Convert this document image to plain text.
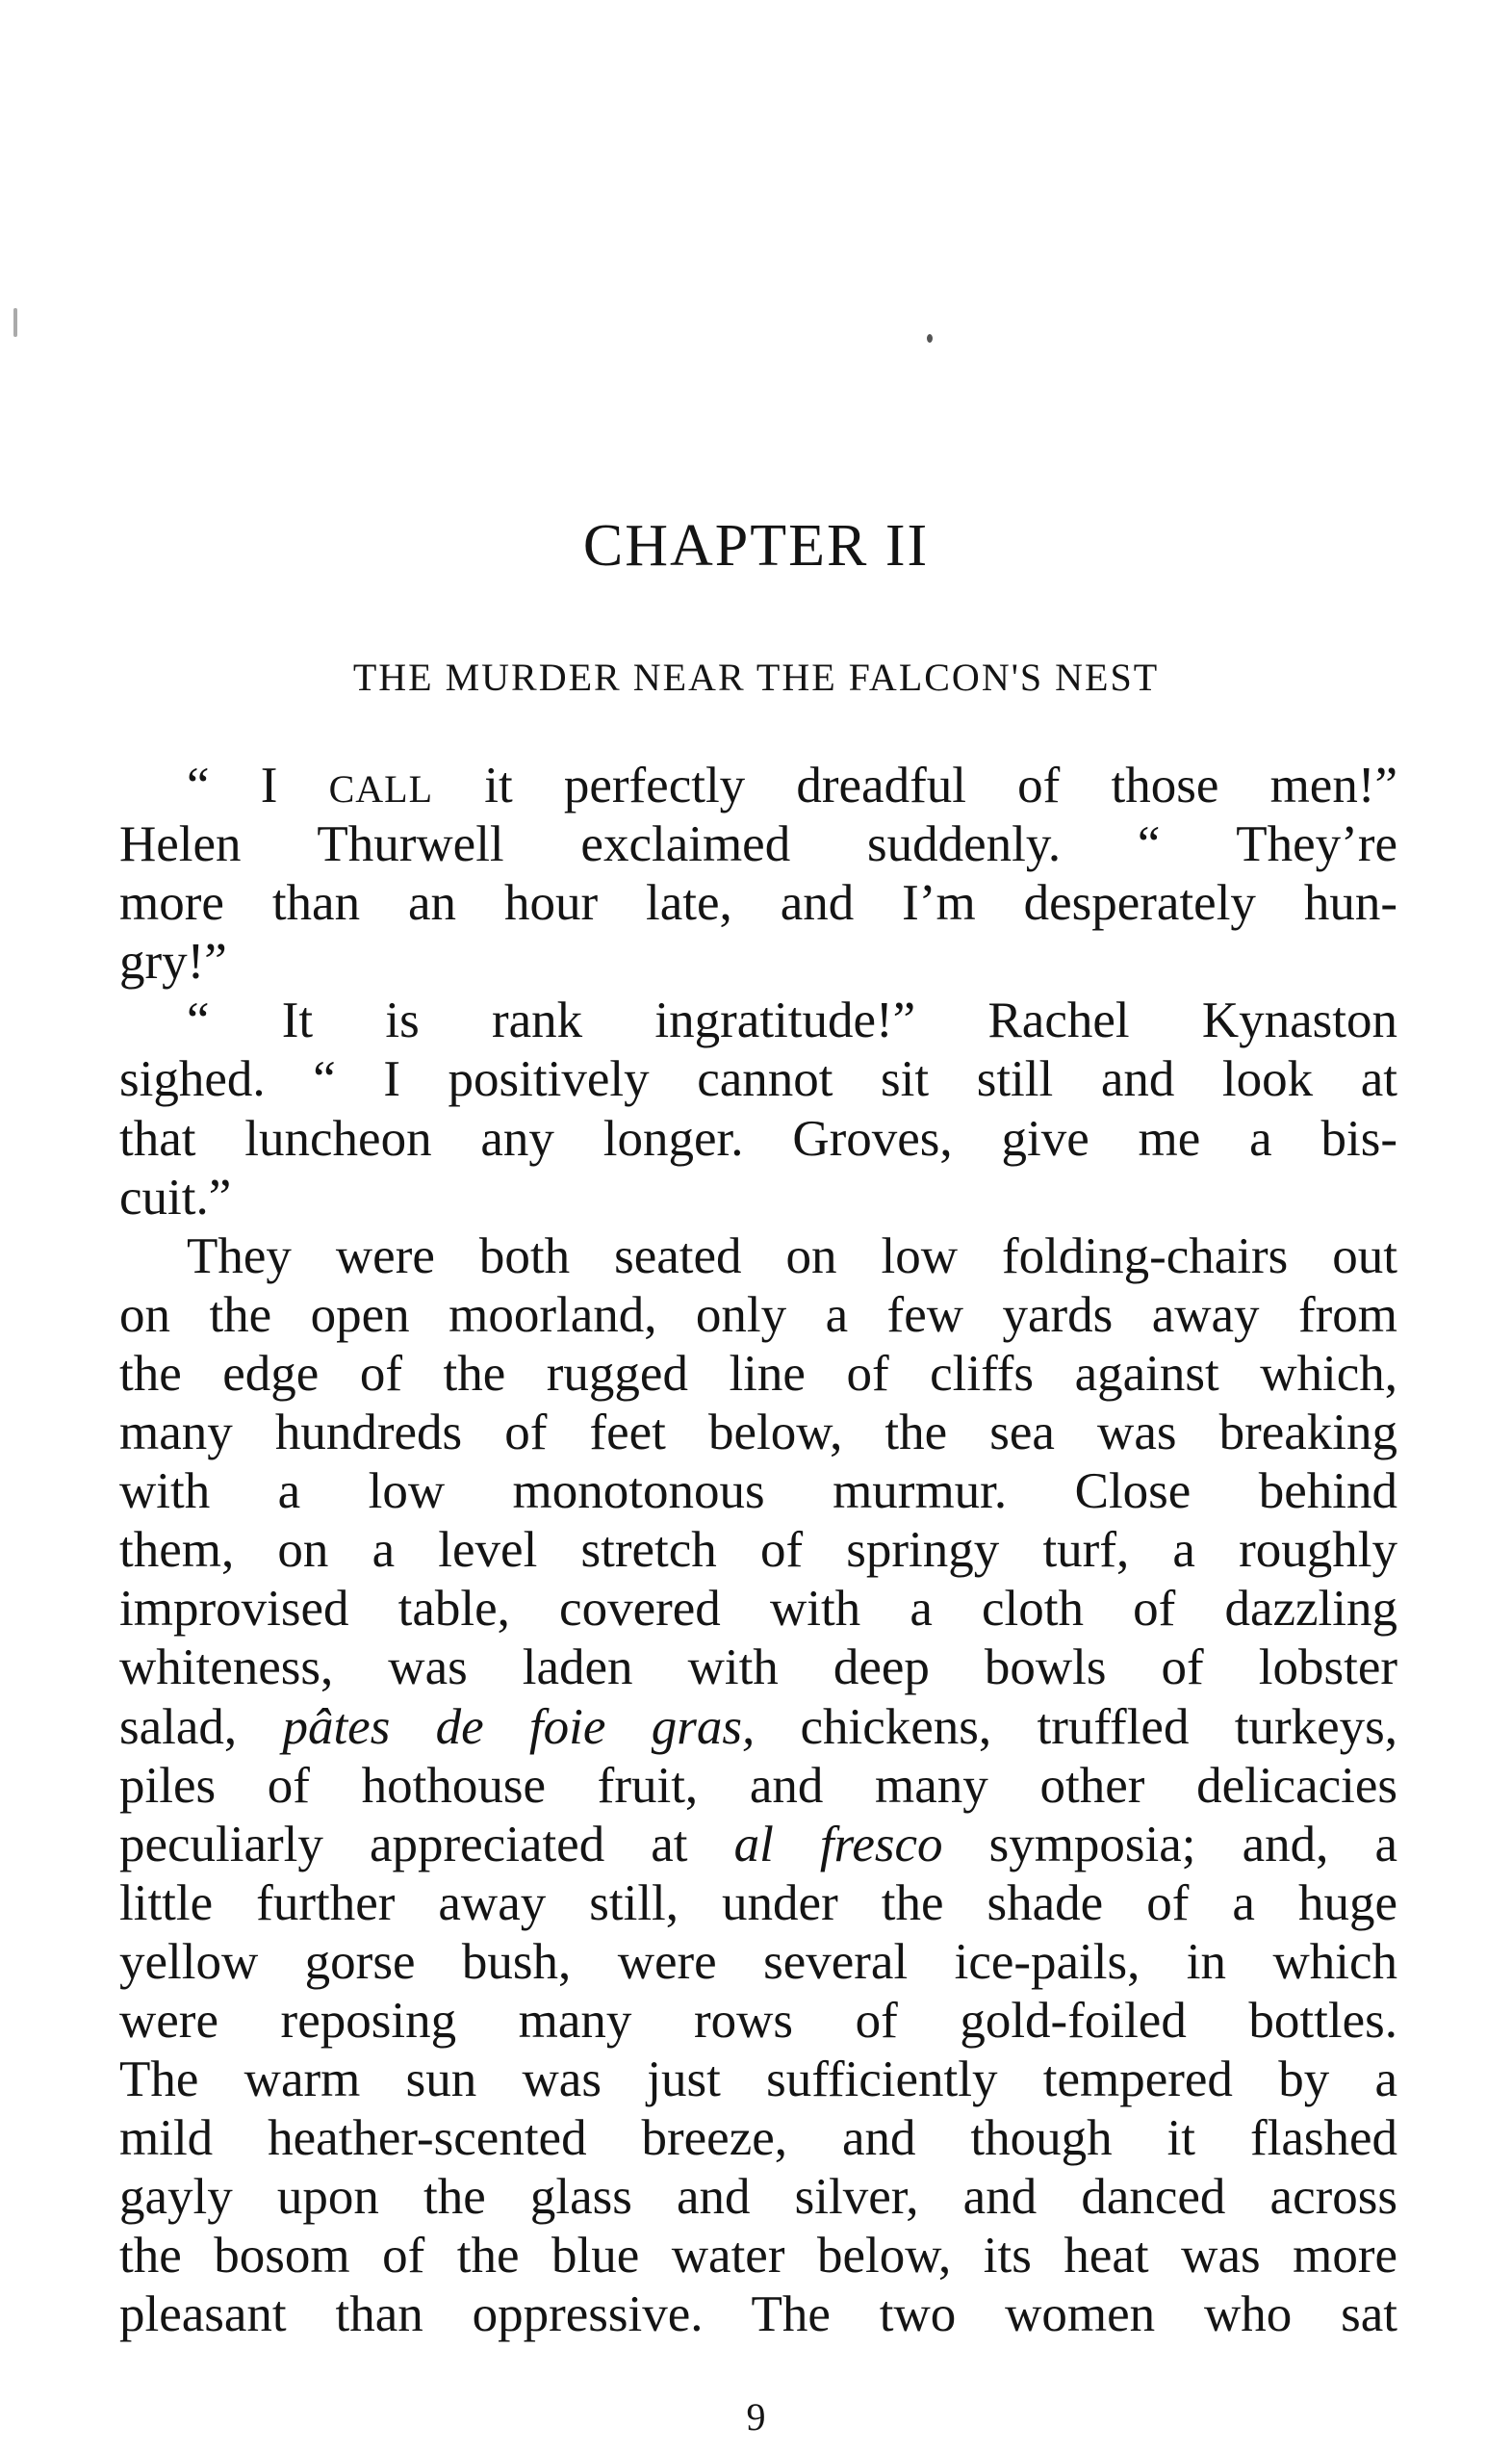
CHAPTER II
THE MURDER NEAR THE FALCON'S NEST
“ I CALL it perfectly dreadful of those men!”
Helen Thurwell exclaimed suddenly. “ They’re
more than an hour late, and I’m desperately hun-
gry!”
“ It is rank ingratitude!” Rachel Kynaston
sighed. “ I positively cannot sit still and look at
that luncheon any longer. Groves, give me a bis-
cuit.”
They were both seated on low folding-chairs out
on the open moorland, only a few yards away from
the edge of the rugged line of cliffs against which,
many hundreds of feet below, the sea was breaking
with a low monotonous murmur. Close behind
them, on a level stretch of springy turf, a roughly
improvised table, covered with a cloth of dazzling
whiteness, was laden with deep bowls of lobster
salad, pâtes de foie gras, chickens, truffled turkeys,
piles of hothouse fruit, and many other delicacies
peculiarly appreciated at al fresco symposia; and, a
little further away still, under the shade of a huge
yellow gorse bush, were several ice-pails, in which
were reposing many rows of gold-foiled bottles.
The warm sun was just sufficiently tempered by a
mild heather-scented breeze, and though it flashed
gayly upon the glass and silver, and danced across
the bosom of the blue water below, its heat was more
pleasant than oppressive. The two women who sat
9
